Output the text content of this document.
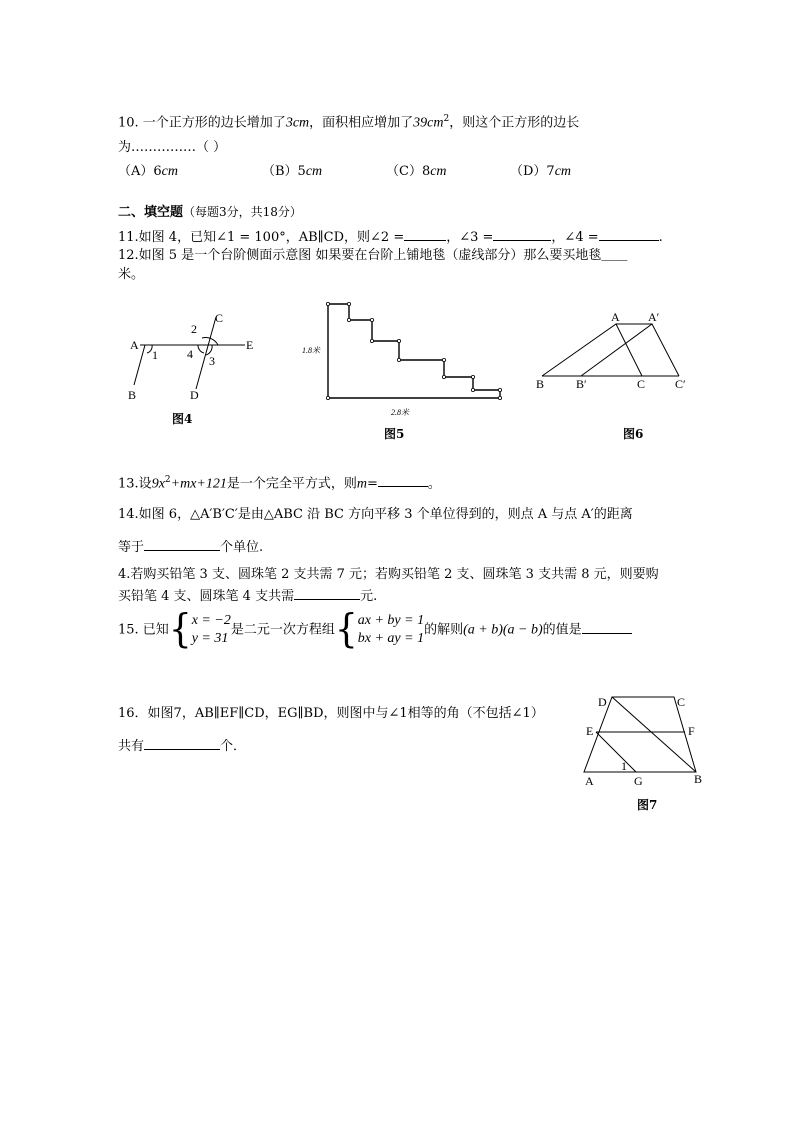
10. 一个正方形的边长增加了3cm，面积相应增加了$39cm^2$，则这个正方形的边长
为……………（ ）
（A）6cm	（B）5cm	（C）8cm	（D）7cm
二、填空题（每题3分，共18分）
11.如图 4，已知∠1 = 100°，AB∥CD，则∠2 =	，∠3 =	，∠4 =	.
12.如图 5 是一个台阶侧面示意图 如果要在台阶上铺地毯（虚线部分）那么要买地毯＿＿
米。
A
C
E
B	D
1
2
3
4
图4
1.8米
2.8米
图5
A A′
B	B′	C C′
图6
13.设$9x^2+mx+121$是一个完全平方式，则m=	。
14.如图 6，△A′B′C′是由△ABC 沿 BC 方向平移 3 个单位得到的，则点 A 与点 A′的距离
等于	个单位.
4.若购买铅笔 3 支、圆珠笔 2 支共需 7 元；若购买铅笔 2 支、圆珠笔 3 支共需 8 元，则要购
买铅笔 4 支、圆珠笔 4 支共需	元.
15. 已知{ x = −2
y = 31
是二元一次方程组{ ax + by = 1
bx + ay = 1
的解则(a + b)(a − b)的值是
16．如图7，AB∥EF∥CD，EG∥BD，则图中与∠1相等的角（不包括∠1）
共有	个．
D	C
E	F
A	G	B
1
图7
